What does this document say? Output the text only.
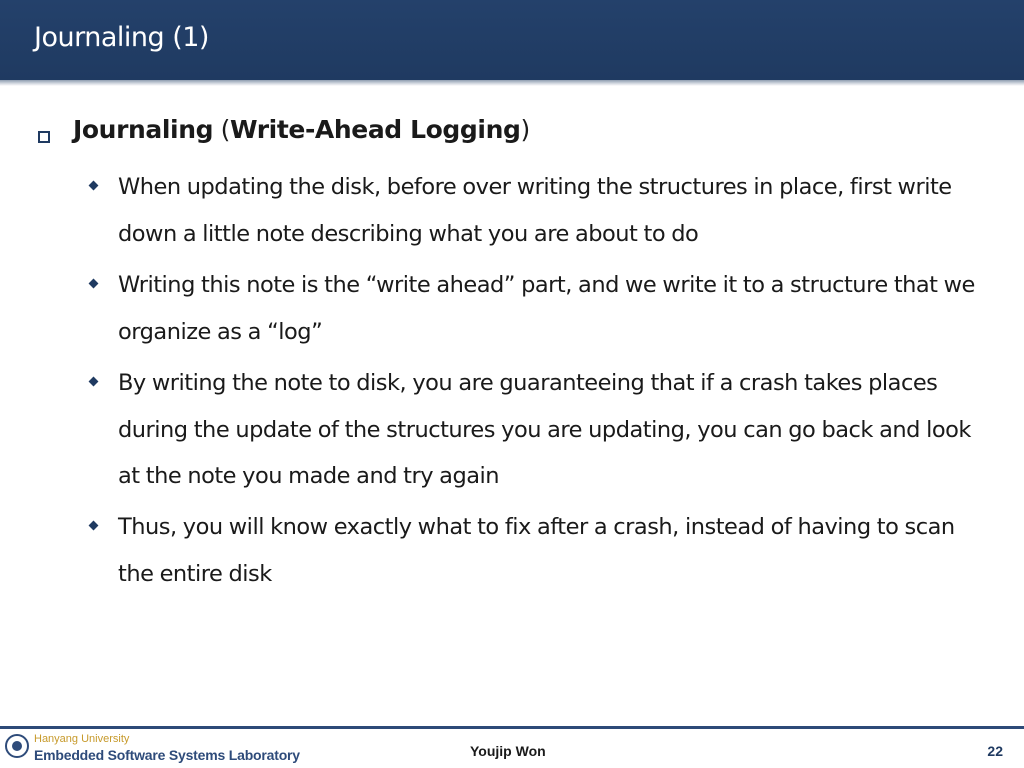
Journaling (1)
Journaling (Write-Ahead Logging)
When updating the disk, before over writing the structures in place, first write down a little note describing what you are about to do
Writing this note is the “write ahead” part, and we write it to a structure that we organize as a “log”
By writing the note to disk, you are guaranteeing that if a crash takes places during the update of the structures you are updating, you can go back and look at the note you made and try again
Thus, you will know exactly what to fix after a crash, instead of having to scan the entire disk
Hanyang University
Embedded Software Systems Laboratory	Youjip Won	22
